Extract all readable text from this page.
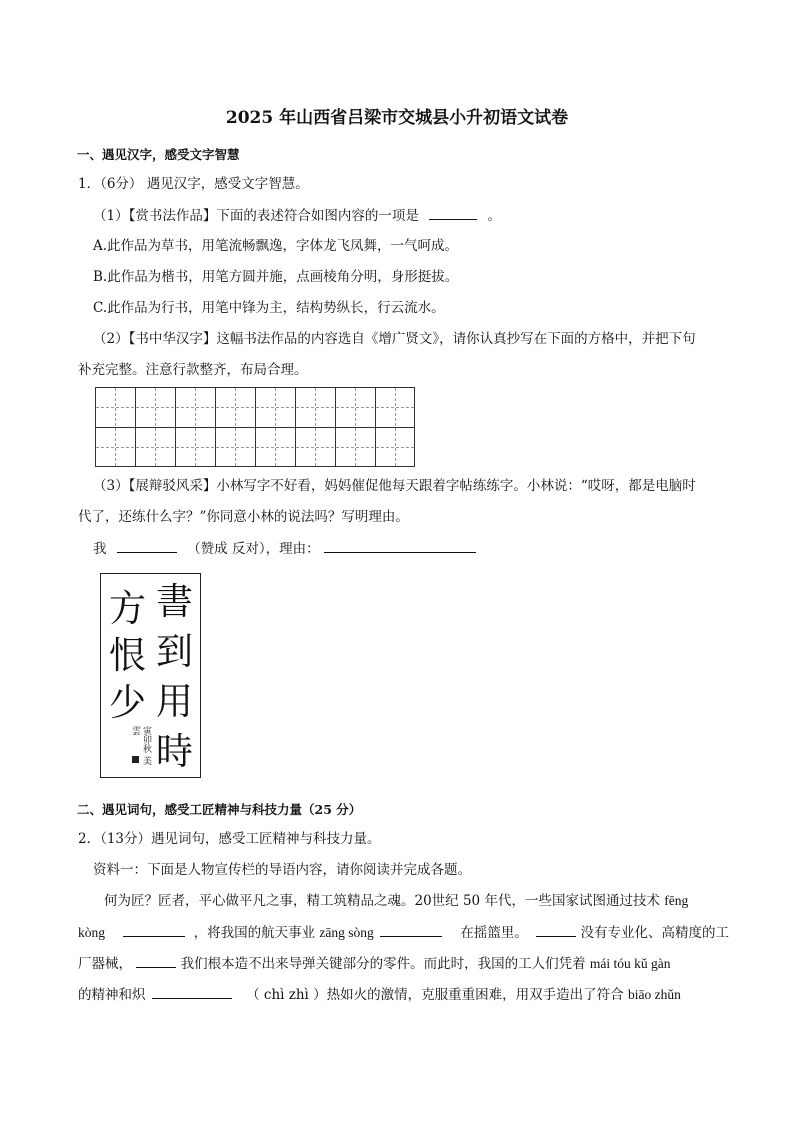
2025 年山西省吕梁市交城县小升初语文试卷
一、遇见汉字，感受文字智慧
1．（6分） 遇见汉字，感受文字智慧。
（1）【赏书法作品】下面的表述符合如图内容的一项是	。
A.此作品为草书，用笔流畅飘逸，字体龙飞凤舞，一气呵成。
B.此作品为楷书，用笔方圆并施，点画棱角分明，身形挺拔。
C.此作品为行书，用笔中锋为主，结构势纵长，行云流水。
（2）【书中华汉字】这幅书法作品的内容选自《增广贤文》，请你认真抄写在下面的方格中，并把下句
补充完整。注意行款整齐，布局合理。
（3）【展辩驳风采】小林写字不好看，妈妈催促他每天跟着字帖练练字。小林说：“哎呀，都是电脑时
代了，还练什么字？”你同意小林的说法吗？写明理由。
我	（赞成 反对），理由：
書
到
用
時
方
恨
少
寅卯秋 美雲
二、遇见词句，感受工匠精神与科技力量（25 分）
2．（13分）遇见词句，感受工匠精神与科技力量。
资料一：下面是人物宣传栏的导语内容，请你阅读并完成各题。
何为匠？匠者，平心做平凡之事，精工筑精品之魂。20世纪 50 年代，一些国家试图通过技术 fēng
kòng	，将我国的航天事业 zāng sòng	在摇篮里。	没有专业化、高精度的工
厂器械，	我们根本造不出来导弹关键部分的零件。而此时，我国的工人们凭着 mái tóu kǔ gàn
的精神和炽	（ chì zhì ）热如火的激情，克服重重困难，用双手造出了符合 biāo zhǔn
